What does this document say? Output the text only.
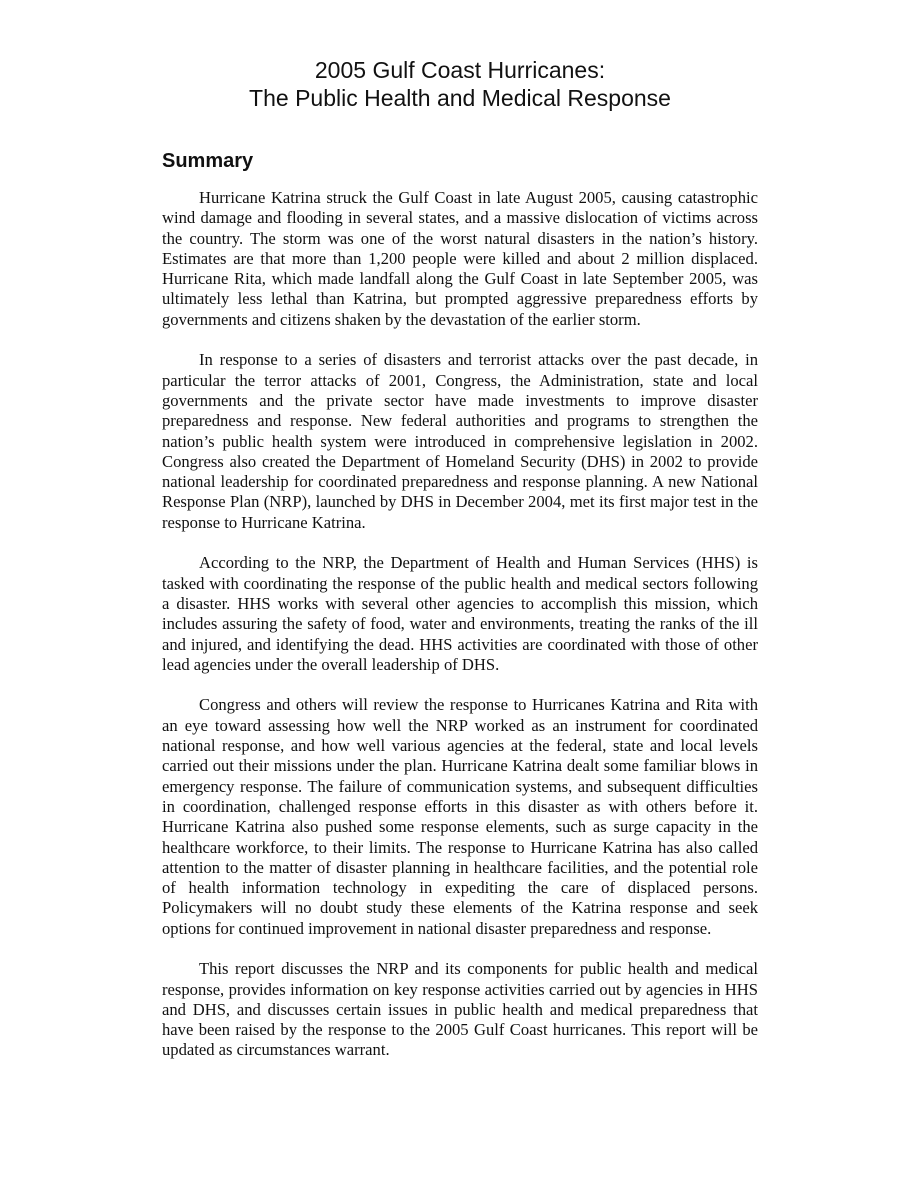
2005 Gulf Coast Hurricanes:
The Public Health and Medical Response
Summary

Hurricane Katrina struck the Gulf Coast in late August 2005, causing catastrophic wind damage and flooding in several states, and a massive dislocation of victims across the country. The storm was one of the worst natural disasters in the nation’s history. Estimates are that more than 1,200 people were killed and about 2 million displaced. Hurricane Rita, which made landfall along the Gulf Coast in late September 2005, was ultimately less lethal than Katrina, but prompted aggressive preparedness efforts by governments and citizens shaken by the devastation of the earlier storm.

In response to a series of disasters and terrorist attacks over the past decade, in particular the terror attacks of 2001, Congress, the Administration, state and local governments and the private sector have made investments to improve disaster preparedness and response. New federal authorities and programs to strengthen the nation’s public health system were introduced in comprehensive legislation in 2002. Congress also created the Department of Homeland Security (DHS) in 2002 to provide national leadership for coordinated preparedness and response planning. A new National Response Plan (NRP), launched by DHS in December 2004, met its first major test in the response to Hurricane Katrina.

According to the NRP, the Department of Health and Human Services (HHS) is tasked with coordinating the response of the public health and medical sectors following a disaster. HHS works with several other agencies to accomplish this mission, which includes assuring the safety of food, water and environments, treating the ranks of the ill and injured, and identifying the dead. HHS activities are coordinated with those of other lead agencies under the overall leadership of DHS.

Congress and others will review the response to Hurricanes Katrina and Rita with an eye toward assessing how well the NRP worked as an instrument for coordinated national response, and how well various agencies at the federal, state and local levels carried out their missions under the plan. Hurricane Katrina dealt some familiar blows in emergency response. The failure of communication systems, and subsequent difficulties in coordination, challenged response efforts in this disaster as with others before it. Hurricane Katrina also pushed some response elements, such as surge capacity in the healthcare workforce, to their limits. The response to Hurricane Katrina has also called attention to the matter of disaster planning in healthcare facilities, and the potential role of health information technology in expediting the care of displaced persons. Policymakers will no doubt study these elements of the Katrina response and seek options for continued improvement in national disaster preparedness and response.

This report discusses the NRP and its components for public health and medical response, provides information on key response activities carried out by agencies in HHS and DHS, and discusses certain issues in public health and medical preparedness that have been raised by the response to the 2005 Gulf Coast hurricanes. This report will be updated as circumstances warrant.
